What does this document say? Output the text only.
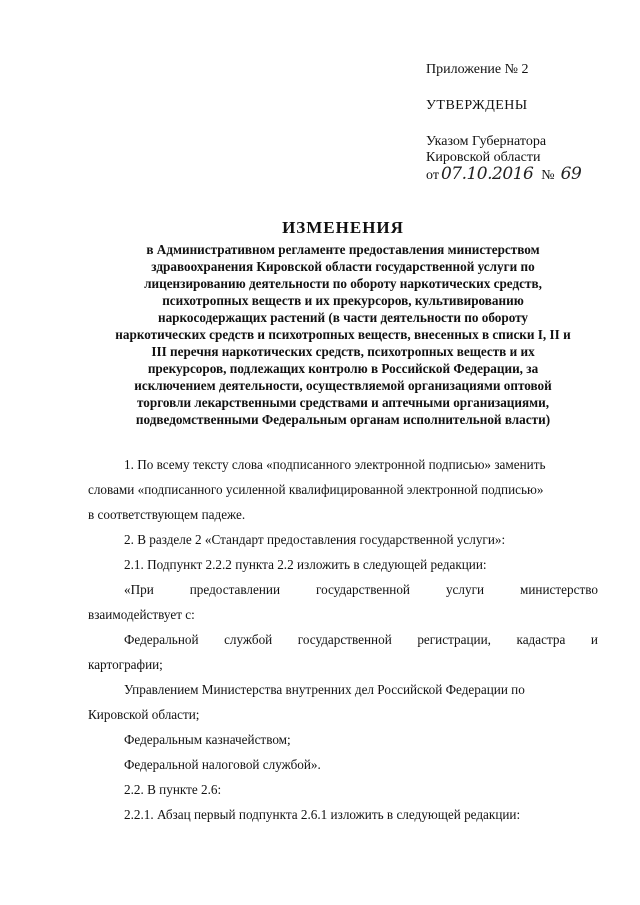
Приложение № 2

УТВЕРЖДЕНЫ

Указом Губернатора

Кировской области

от 07.10.2016 № 69

ИЗМЕНЕНИЯ

в Административном регламенте предоставления министерством
здравоохранения Кировской области государственной услуги по
лицензированию деятельности по обороту наркотических средств,
психотропных веществ и их прекурсоров, культивированию
наркосодержащих растений (в части деятельности по обороту
наркотических средств и психотропных веществ, внесенных в списки I, II и
III перечня наркотических средств, психотропных веществ и их
прекурсоров, подлежащих контролю в Российской Федерации, за
исключением деятельности, осуществляемой организациями оптовой
торговли лекарственными средствами и аптечными организациями,
подведомственными Федеральным органам исполнительной власти)

1. По всему тексту слова «подписанного электронной подписью» заменить
словами «подписанного усиленной квалифицированной электронной подписью»
в соответствующем падеже.
2. В разделе 2 «Стандарт предоставления государственной услуги»:
2.1. Подпункт 2.2.2 пункта 2.2 изложить в следующей редакции:
«При	предоставлении	государственной	услуги	министерство
взаимодействует с:
Федеральной службой государственной регистрации, кадастра и
картографии;
Управлением Министерства внутренних дел Российской Федерации по
Кировской области;
Федеральным казначейством;
Федеральной налоговой службой».
2.2. В пункте 2.6:
2.2.1. Абзац первый подпункта 2.6.1 изложить в следующей редакции:
